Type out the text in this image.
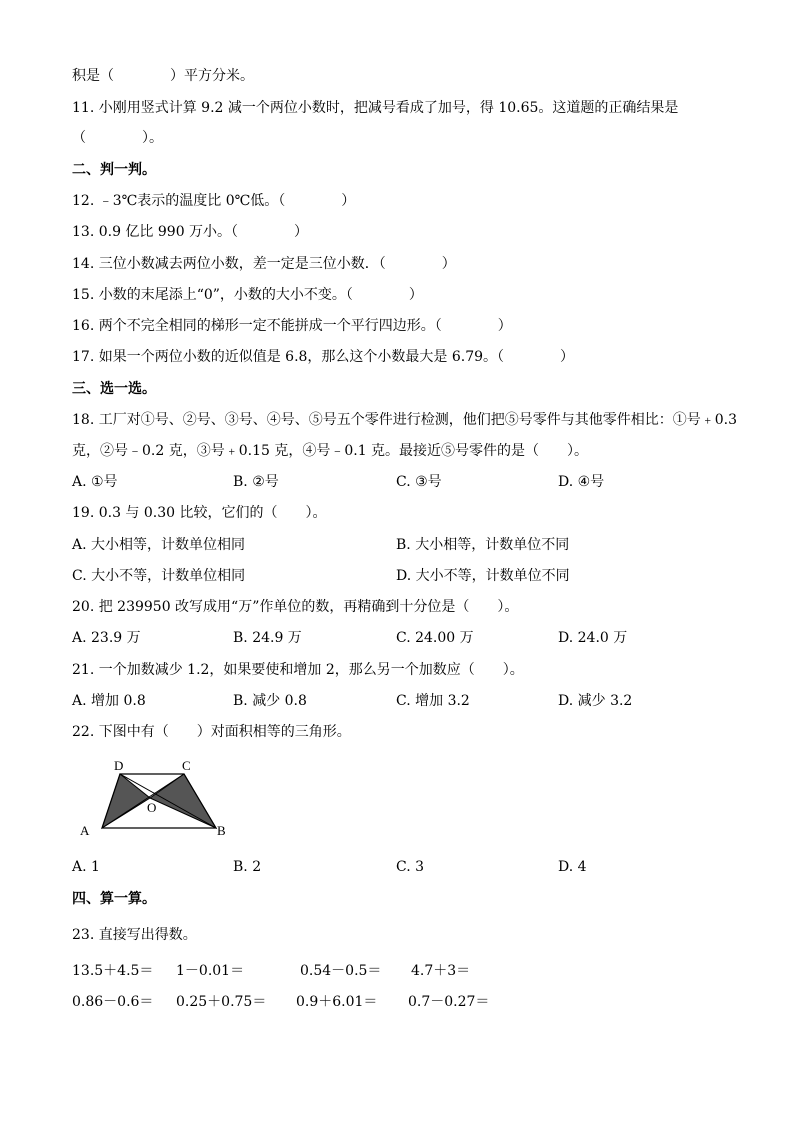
积是（　　　　）平方分米。
11. 小刚用竖式计算 9.2 减一个两位小数时，把减号看成了加号，得 10.65。这道题的正确结果是
（　　　　）。
二、判一判。
12. ﹣3℃表示的温度比 0℃低。（　　　　）
13. 0.9 亿比 990 万小。（　　　　）
14. 三位小数减去两位小数，差一定是三位小数．（　　　　）
15. 小数的末尾添上“0”，小数的大小不变。（　　　　）
16. 两个不完全相同的梯形一定不能拼成一个平行四边形。（　　　　）
17. 如果一个两位小数的近似值是 6.8，那么这个小数最大是 6.79。（　　　　）
三、选一选。
18. 工厂对①号、②号、③号、④号、⑤号五个零件进行检测，他们把⑤号零件与其他零件相比：①号﹢0.3
克，②号﹣0.2 克，③号﹢0.15 克，④号﹣0.1 克。最接近⑤号零件的是（　　）。
A. ①号	B. ②号	C. ③号	D. ④号
19. 0.3 与 0.30 比较，它们的（　　）。
A. 大小相等，计数单位相同	B. 大小相等，计数单位不同
C. 大小不等，计数单位相同	D. 大小不等，计数单位不同
20. 把 239950 改写成用“万”作单位的数，再精确到十分位是（　　）。
A. 23.9 万	B. 24.9 万	C. 24.00 万	D. 24.0 万
21. 一个加数减少 1.2，如果要使和增加 2，那么另一个加数应（　　）。
A. 增加 0.8	B. 减少 0.8	C. 增加 3.2	D. 减少 3.2
22. 下图中有（　　）对面积相等的三角形。
D	C
O
A	B
A. 1	B. 2	C. 3	D. 4
四、算一算。
23. 直接写出得数。
13.5＋4.5＝ 1－0.01＝	0.54－0.5＝ 4.7＋3＝
0.86－0.6＝ 0.25＋0.75＝ 0.9＋6.01＝ 0.7－0.27＝
